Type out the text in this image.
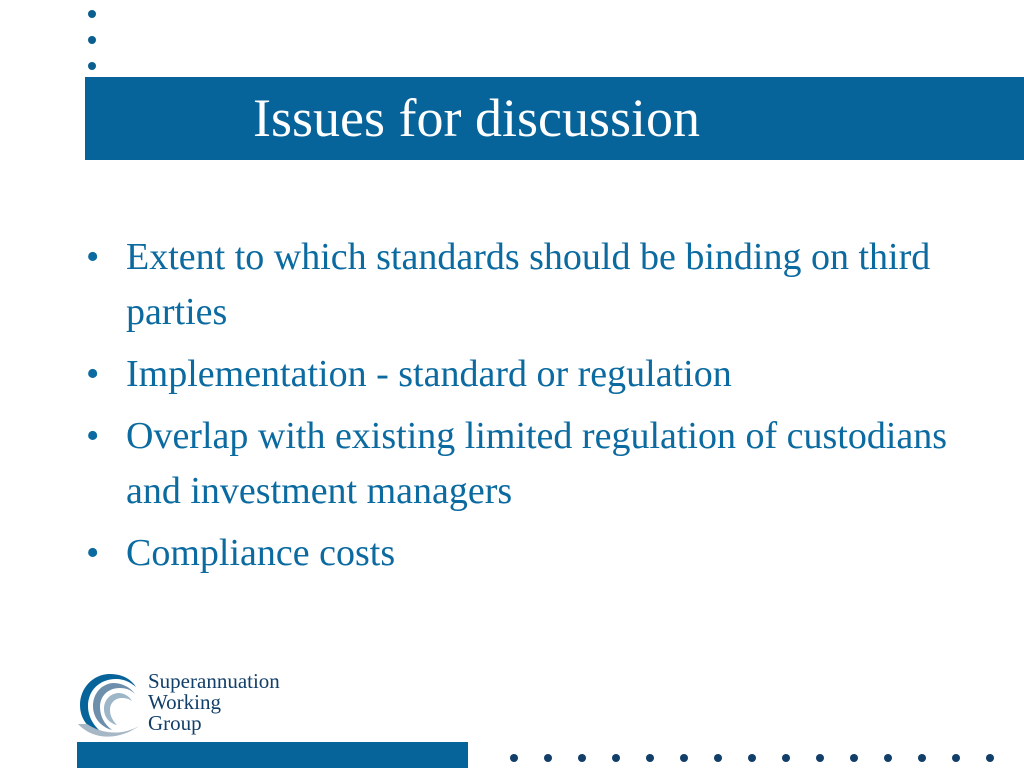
Issues for discussion
• Extent to which standards should be binding on third parties
• Implementation - standard or regulation
• Overlap with existing limited regulation of custodians and investment managers
• Compliance costs
Superannuation
Working
Group
